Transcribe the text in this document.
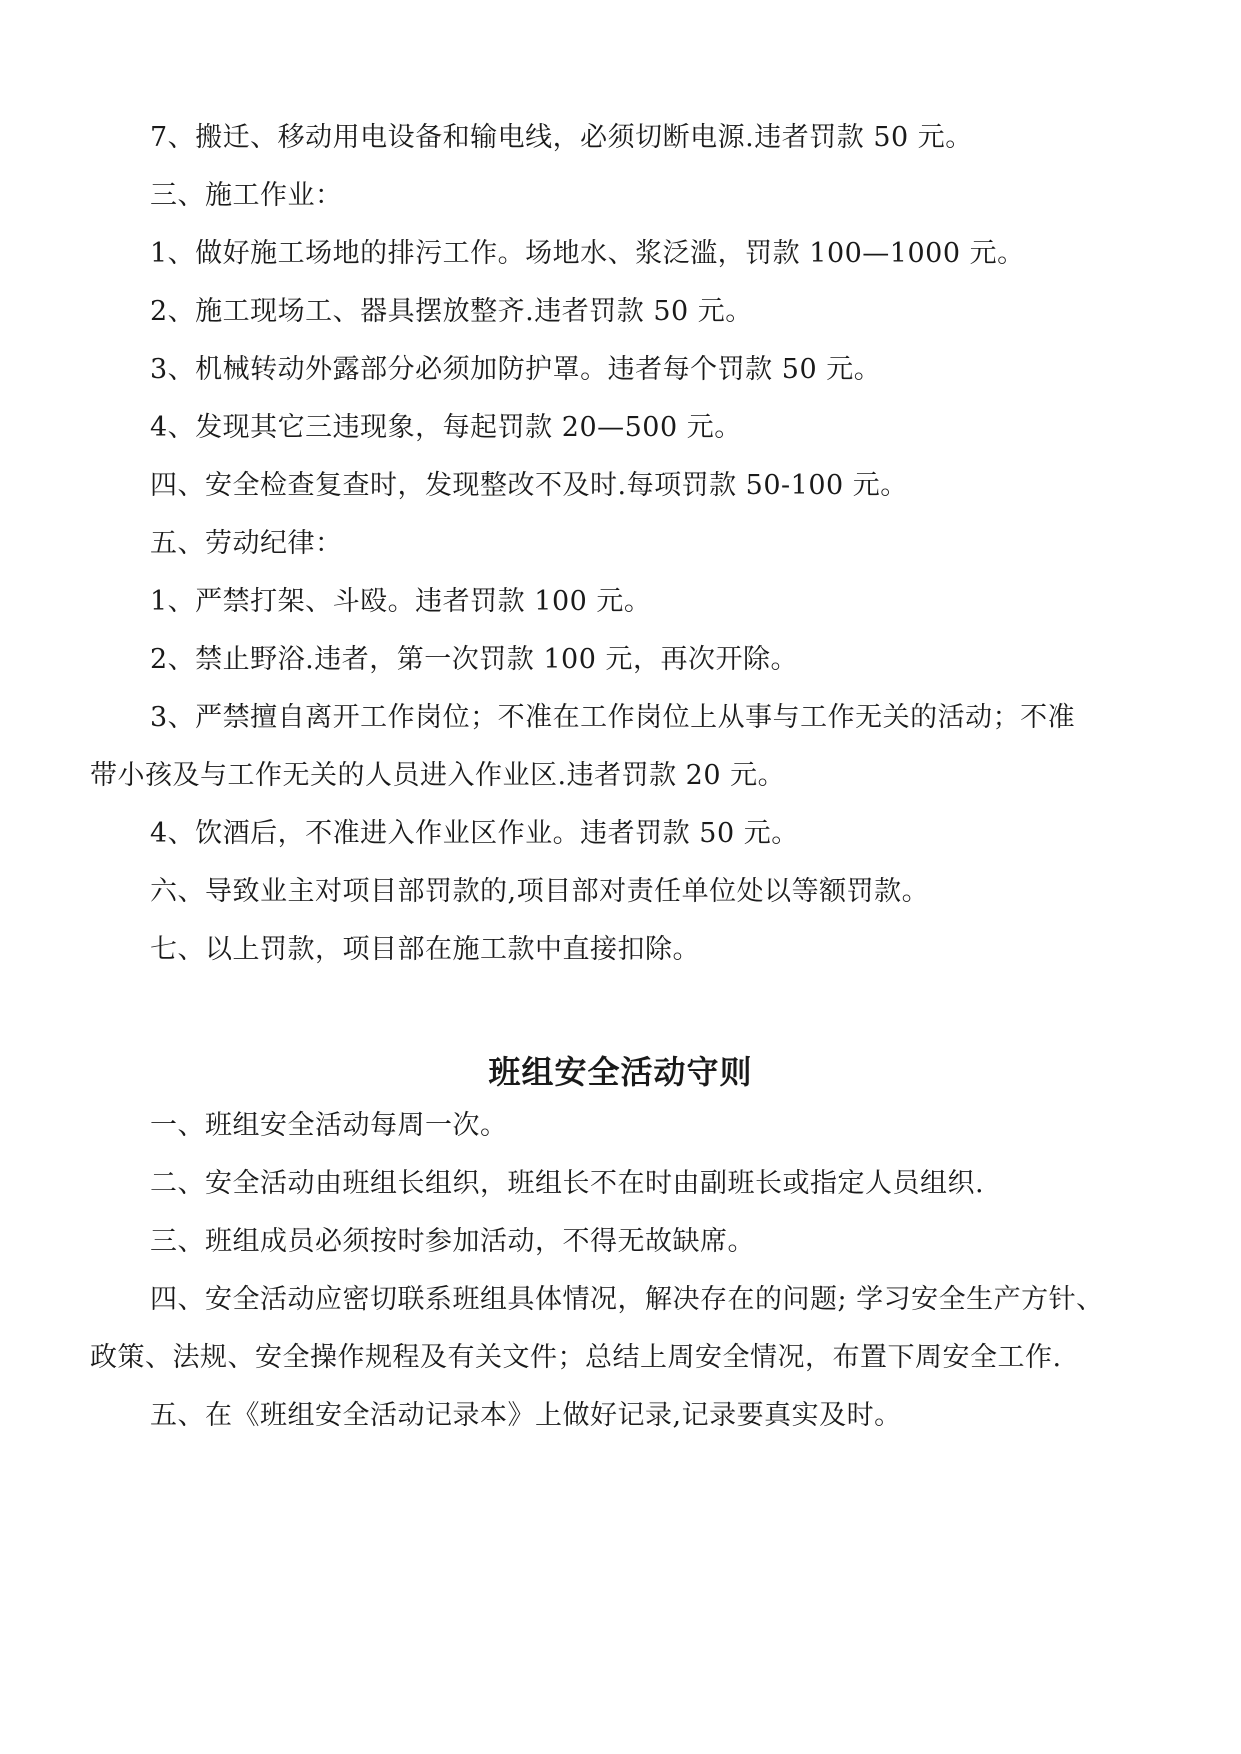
7、搬迁、移动用电设备和输电线，必须切断电源.违者罚款 50 元。

三、施工作业：

1、做好施工场地的排污工作。场地水、浆泛滥，罚款 100—1000 元。

2、施工现场工、器具摆放整齐.违者罚款 50 元。

3、机械转动外露部分必须加防护罩。违者每个罚款 50 元。

4、发现其它三违现象，每起罚款 20—500 元。

四、安全检查复查时，发现整改不及时.每项罚款 50-100 元。

五、劳动纪律：

1、严禁打架、斗殴。违者罚款 100 元。

2、禁止野浴.违者，第一次罚款 100 元，再次开除。

3、严禁擅自离开工作岗位；不准在工作岗位上从事与工作无关的活动；不准

带小孩及与工作无关的人员进入作业区.违者罚款 20 元。

4、饮酒后，不准进入作业区作业。违者罚款 50 元。

六、导致业主对项目部罚款的,项目部对责任单位处以等额罚款。

七、以上罚款，项目部在施工款中直接扣除。

班组安全活动守则

一、班组安全活动每周一次。

二、安全活动由班组长组织，班组长不在时由副班长或指定人员组织.

三、班组成员必须按时参加活动，不得无故缺席。

四、安全活动应密切联系班组具体情况，解决存在的问题; 学习安全生产方针、

政策、法规、安全操作规程及有关文件；总结上周安全情况，布置下周安全工作.

五、在《班组安全活动记录本》上做好记录,记录要真实及时。
